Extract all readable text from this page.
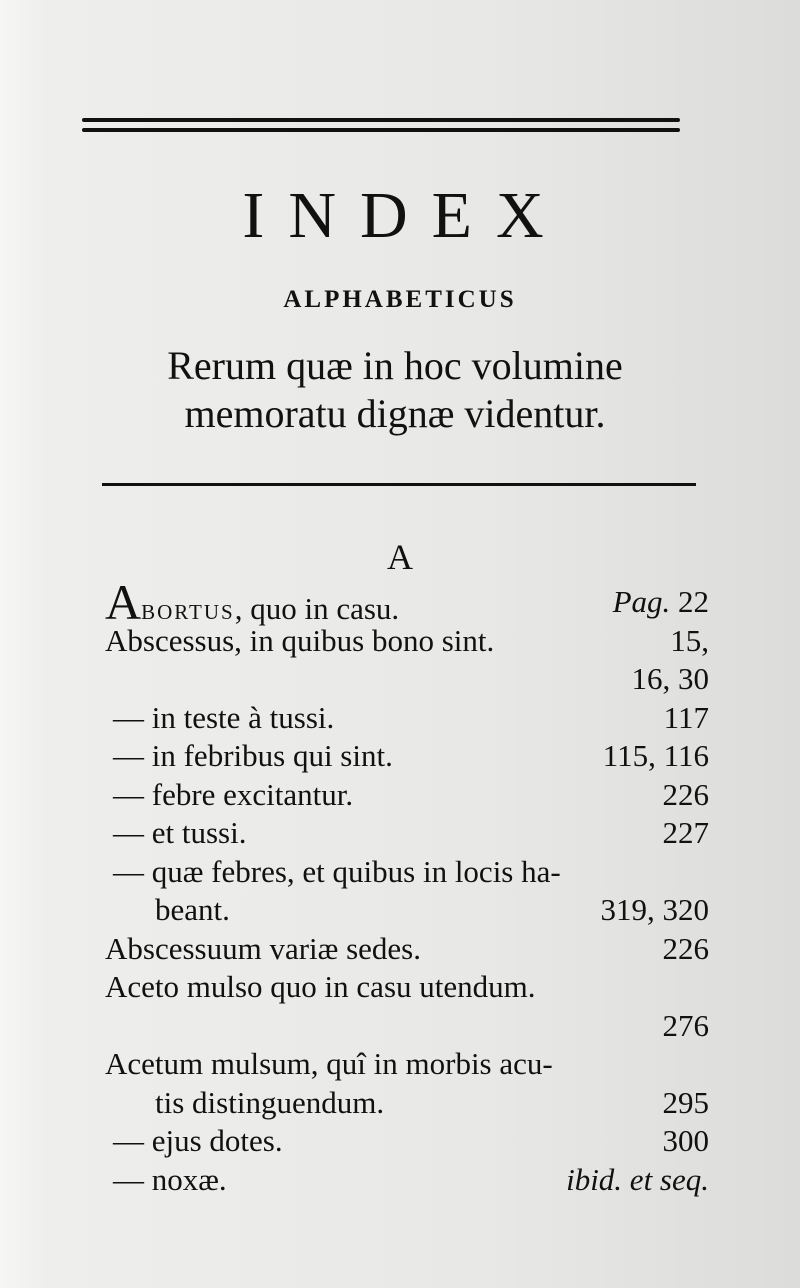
INDEX
ALPHABETICUS
Rerum quæ in hoc volumine
memoratu dignæ videntur.
A
ABORTUS, quo in casu.	Pag. 22
Abscessus, in quibus bono sint.	15,
16, 30
— in teste à tussi.	117
— in febribus qui sint.	115, 116
— febre excitantur.	226
— et tussi.	227
— quæ febres, et quibus in locis ha-
beant.	319, 320
Abscessuum variæ sedes.	226
Aceto mulso quo in casu utendum.
276
Acetum mulsum, quî in morbis acu-
tis distinguendum.	295
— ejus dotes.	300
— noxæ.	ibid. et seq.
